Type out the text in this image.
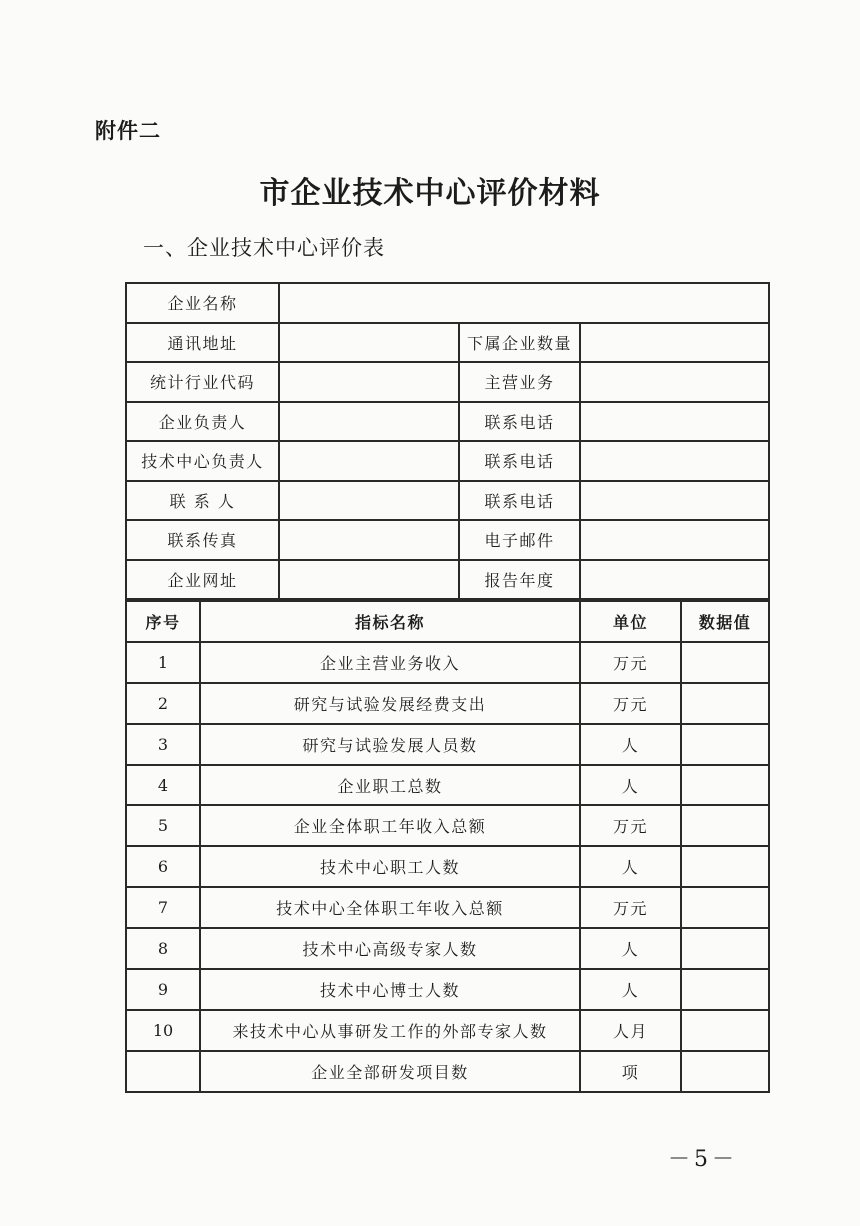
附件二
市企业技术中心评价材料
一、企业技术中心评价表
企业名称			
通讯地址		下属企业数量	
统计行业代码		主营业务	
企业负责人		联系电话	
技术中心负责人		联系电话	
联 系 人		联系电话	
联系传真		电子邮件	
企业网址		报告年度	
序号	指标名称	单位	数据值
1	企业主营业务收入	万元	
2	研究与试验发展经费支出	万元	
3	研究与试验发展人员数	人	
4	企业职工总数	人	
5	企业全体职工年收入总额	万元	
6	技术中心职工人数	人	
7	技术中心全体职工年收入总额	万元	
8	技术中心高级专家人数	人	
9	技术中心博士人数	人	
10	来技术中心从事研发工作的外部专家人数	人月	
	企业全部研发项目数	项	
－5－
